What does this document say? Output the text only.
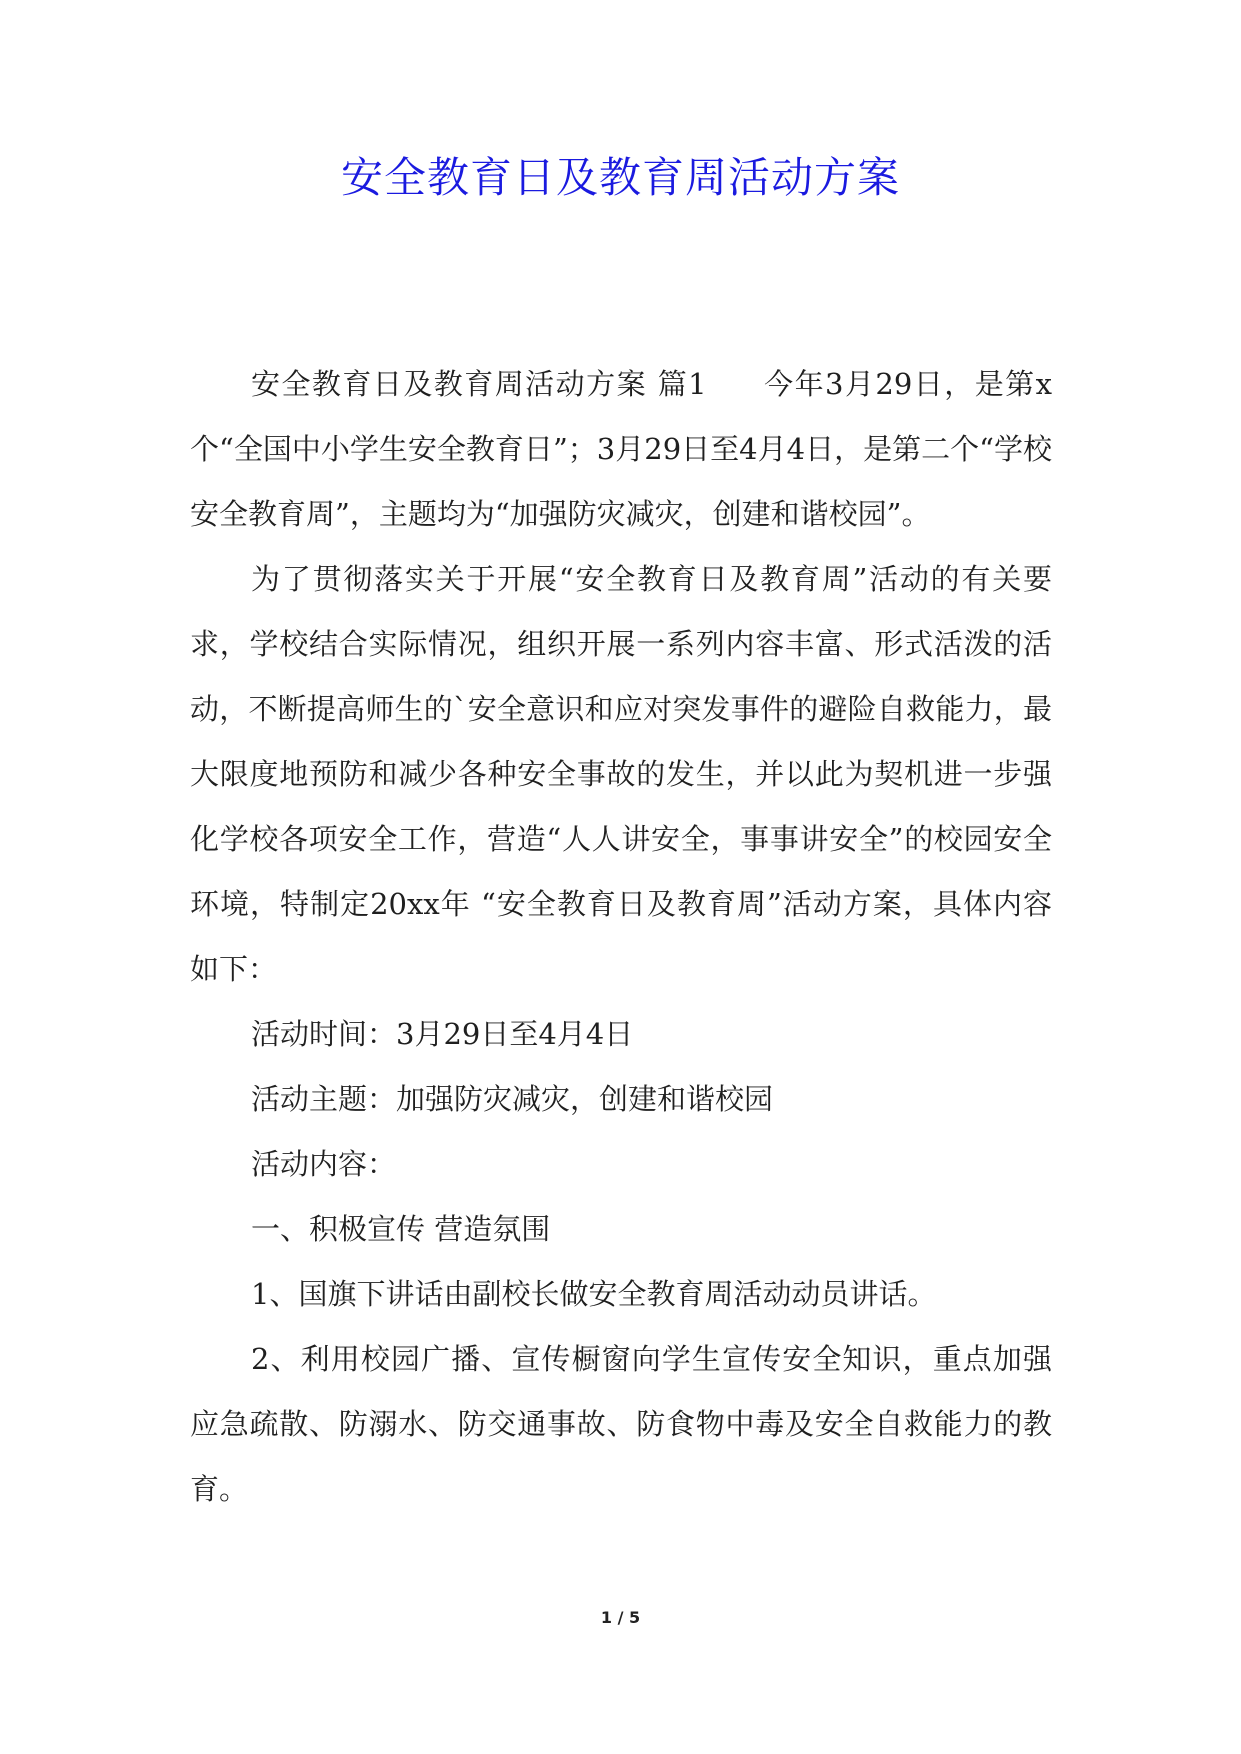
安全教育日及教育周活动方案

安全教育日及教育周活动方案 篇1 今年3月29日，是第x个“全国中小学生安全教育日”；3月29日至4月4日，是第二个“学校安全教育周”，主题均为“加强防灾减灾，创建和谐校园”。

为了贯彻落实关于开展“安全教育日及教育周”活动的有关要求，学校结合实际情况，组织开展一系列内容丰富、形式活泼的活动，不断提高师生的`安全意识和应对突发事件的避险自救能力，最大限度地预防和减少各种安全事故的发生，并以此为契机进一步强化学校各项安全工作，营造“人人讲安全，事事讲安全”的校园安全环境，特制定20xx年 “安全教育日及教育周”活动方案，具体内容如下：

活动时间：3月29日至4月4日

活动主题：加强防灾减灾，创建和谐校园

活动内容：

一、积极宣传 营造氛围

1、国旗下讲话由副校长做安全教育周活动动员讲话。

2、利用校园广播、宣传橱窗向学生宣传安全知识，重点加强应急疏散、防溺水、防交通事故、防食物中毒及安全自救能力的教育。

1 / 5
